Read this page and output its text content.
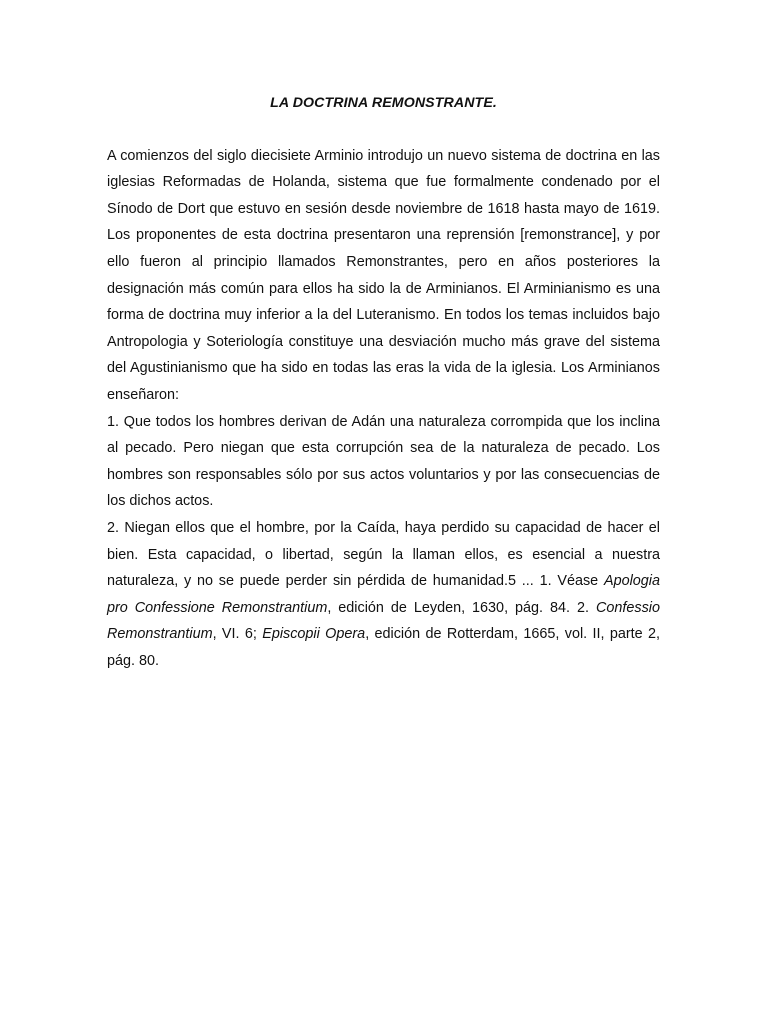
LA DOCTRINA REMONSTRANTE.

A comienzos del siglo diecisiete Arminio introdujo un nuevo sistema de doctrina en las iglesias Reformadas de Holanda, sistema que fue formalmente condenado por el Sínodo de Dort que estuvo en sesión desde noviembre de 1618 hasta mayo de 1619. Los proponentes de esta doctrina presentaron una reprensión [remonstrance], y por ello fueron al principio llamados Remonstrantes, pero en años posteriores la designación más común para ellos ha sido la de Arminianos. El Arminianismo es una forma de doctrina muy inferior a la del Luteranismo. En todos los temas incluidos bajo Antropologia y Soteriología constituye una desviación mucho más grave del sistema del Agustinianismo que ha sido en todas las eras la vida de la iglesia. Los Arminianos enseñaron:

1. Que todos los hombres derivan de Adán una naturaleza corrompida que los inclina al pecado. Pero niegan que esta corrupción sea de la naturaleza de pecado. Los hombres son responsables sólo por sus actos voluntarios y por las consecuencias de los dichos actos.

2. Niegan ellos que el hombre, por la Caída, haya perdido su capacidad de hacer el bien. Esta capacidad, o libertad, según la llaman ellos, es esencial a nuestra naturaleza, y no se puede perder sin pérdida de humanidad.5 ... 1. Véase Apologia pro Confessione Remonstrantium, edición de Leyden, 1630, pág. 84. 2. Confessio Remonstrantium, VI. 6; Episcopii Opera, edición de Rotterdam, 1665, vol. II, parte 2, pág. 80.
